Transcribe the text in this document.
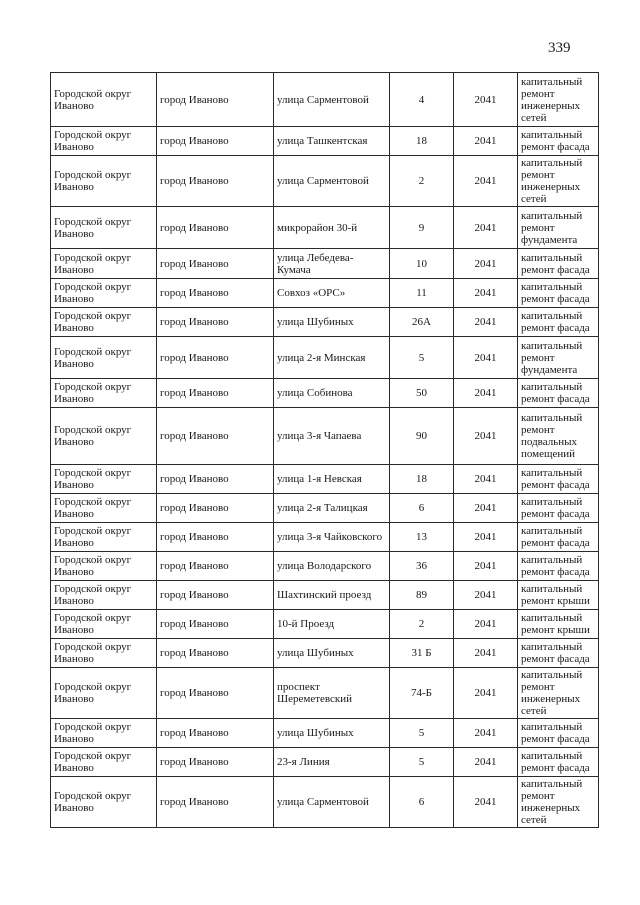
339
Городской округ Иваново	город Иваново	улица Сарментовой	4	2041	капитальный ремонт инженерных сетей
Городской округ Иваново	город Иваново	улица Ташкентская	18	2041	капитальный ремонт фасада
Городской округ Иваново	город Иваново	улица Сарментовой	2	2041	капитальный ремонт инженерных сетей
Городской округ Иваново	город Иваново	микрорайон 30-й	9	2041	капитальный ремонт фундамента
Городской округ Иваново	город Иваново	улица Лебедева-Кумача	10	2041	капитальный ремонт фасада
Городской округ Иваново	город Иваново	Совхоз «ОРС»	11	2041	капитальный ремонт фасада
Городской округ Иваново	город Иваново	улица Шубиных	26А	2041	капитальный ремонт фасада
Городской округ Иваново	город Иваново	улица 2-я Минская	5	2041	капитальный ремонт фундамента
Городской округ Иваново	город Иваново	улица Собинова	50	2041	капитальный ремонт фасада
Городской округ Иваново	город Иваново	улица 3-я Чапаева	90	2041	капитальный ремонт подвальных помещений
Городской округ Иваново	город Иваново	улица 1-я Невская	18	2041	капитальный ремонт фасада
Городской округ Иваново	город Иваново	улица 2-я Талицкая	6	2041	капитальный ремонт фасада
Городской округ Иваново	город Иваново	улица 3-я Чайковского	13	2041	капитальный ремонт фасада
Городской округ Иваново	город Иваново	улица Володарского	36	2041	капитальный ремонт фасада
Городской округ Иваново	город Иваново	Шахтинский проезд	89	2041	капитальный ремонт крыши
Городской округ Иваново	город Иваново	10-й Проезд	2	2041	капитальный ремонт крыши
Городской округ Иваново	город Иваново	улица Шубиных	31 Б	2041	капитальный ремонт фасада
Городской округ Иваново	город Иваново	проспект Шереметевский	74-Б	2041	капитальный ремонт инженерных сетей
Городской округ Иваново	город Иваново	улица Шубиных	5	2041	капитальный ремонт фасада
Городской округ Иваново	город Иваново	23-я Линия	5	2041	капитальный ремонт фасада
Городской округ Иваново	город Иваново	улица Сарментовой	6	2041	капитальный ремонт инженерных сетей
